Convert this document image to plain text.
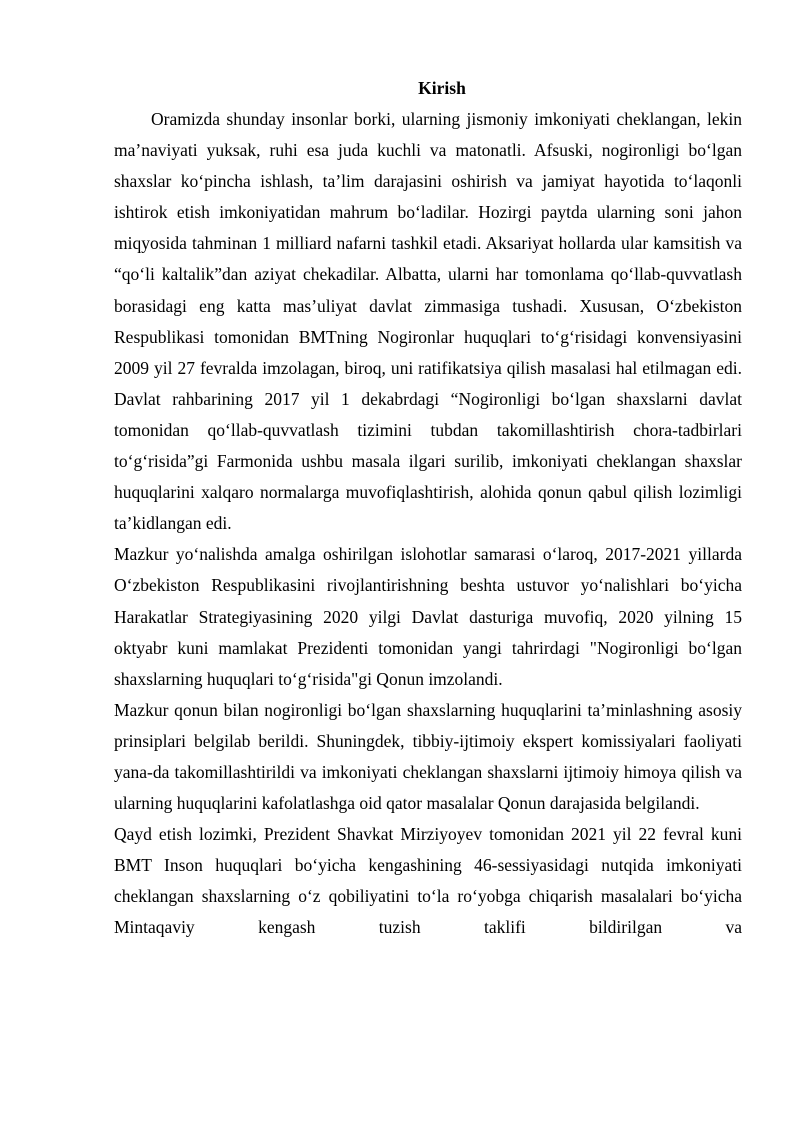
Kirish

Oramizda shunday insonlar borki, ularning jismoniy imkoniyati cheklangan, lekin ma’naviyati yuksak, ruhi esa juda kuchli va matonatli. Afsuski, nogironligi bo‘lgan shaxslar ko‘pincha ishlash, ta’lim darajasini oshirish va jamiyat hayotida to‘laqonli ishtirok etish imkoniyatidan mahrum bo‘ladilar. Hozirgi paytda ularning soni jahon miqyosida tahminan 1 milliard nafarni tashkil etadi. Aksariyat hollarda ular kamsitish va “qo‘li kaltalik”dan aziyat chekadilar. Albatta, ularni har tomonlama qo‘llab-quvvatlash borasidagi eng katta mas’uliyat davlat zimmasiga tushadi. Xususan, O‘zbekiston Respublikasi tomonidan BMTning Nogironlar huquqlari to‘g‘risidagi konvensiyasini 2009 yil 27 fevralda imzolagan, biroq, uni ratifikatsiya qilish masalasi hal etilmagan edi. Davlat rahbarining 2017 yil 1 dekabrdagi “Nogironligi bo‘lgan shaxslarni davlat tomonidan qo‘llab-quvvatlash tizimini tubdan takomillashtirish chora-tadbirlari to‘g‘risida”gi Farmonida ushbu masala ilgari surilib, imkoniyati cheklangan shaxslar huquqlarini xalqaro normalarga muvofiqlashtirish, alohida qonun qabul qilish lozimligi ta’kidlangan edi.

Mazkur yo‘nalishda amalga oshirilgan islohotlar samarasi o‘laroq, 2017-2021 yillarda O‘zbekiston Respublikasini rivojlantirishning beshta ustuvor yo‘nalishlari bo‘yicha Harakatlar Strategiyasining 2020 yilgi Davlat dasturiga muvofiq, 2020 yilning 15 oktyabr kuni mamlakat Prezidenti tomonidan yangi tahrirdagi "Nogironligi bo‘lgan shaxslarning huquqlari to‘g‘risida"gi Qonun imzolandi.

Mazkur qonun bilan nogironligi bo‘lgan shaxslarning huquqlarini ta’minlashning asosiy prinsiplari belgilab berildi. Shuningdek, tibbiy-ijtimoiy ekspert komissiyalari faoliyati yana-da takomillashtirildi va imkoniyati cheklangan shaxslarni ijtimoiy himoya qilish va ularning huquqlarini kafolatlashga oid qator masalalar Qonun darajasida belgilandi.

Qayd etish lozimki, Prezident Shavkat Mirziyoyev tomonidan 2021 yil 22 fevral kuni BMT Inson huquqlari bo‘yicha kengashining 46-sessiyasidagi nutqida imkoniyati cheklangan shaxslarning o‘z qobiliyatini to‘la ro‘yobga chiqarish masalalari bo‘yicha Mintaqaviy kengash tuzish taklifi bildirilgan va
